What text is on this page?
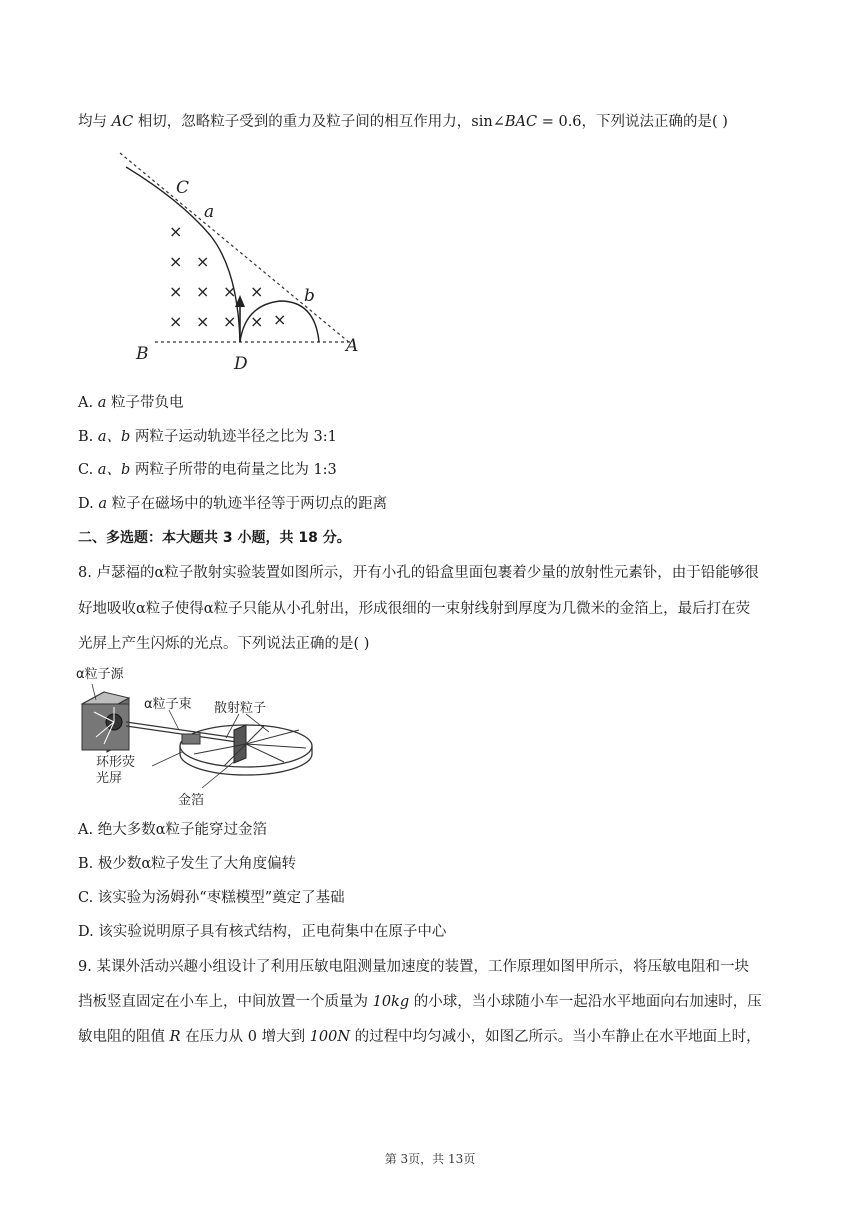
均与 AC 相切，忽略粒子受到的重力及粒子间的相互作用力，sin∠BAC = 0.6，下列说法正确的是( )
×
× ×
× × × ×
× × × × ×
C
a
b
B	D
A
A. a 粒子带负电
B. a、b 两粒子运动轨迹半径之比为 3:1
C. a、b 两粒子所带的电荷量之比为 1:3
D. a 粒子在磁场中的轨迹半径等于两切点的距离
二、多选题：本大题共 3 小题，共 18 分。
8. 卢瑟福的α粒子散射实验装置如图所示，开有小孔的铅盒里面包裹着少量的放射性元素钋，由于铅能够很
好地吸收α粒子使得α粒子只能从小孔射出，形成很细的一束射线射到厚度为几微米的金箔上，最后打在荧
光屏上产生闪烁的光点。下列说法正确的是( )
α粒子源
α粒子束 散射粒子
环形荧
光屏
金箔
A. 绝大多数α粒子能穿过金箔
B. 极少数α粒子发生了大角度偏转
C. 该实验为汤姆孙“枣糕模型”奠定了基础
D. 该实验说明原子具有核式结构，正电荷集中在原子中心
9. 某课外活动兴趣小组设计了利用压敏电阻测量加速度的装置，工作原理如图甲所示，将压敏电阻和一块
挡板竖直固定在小车上，中间放置一个质量为 10kg 的小球，当小球随小车一起沿水平地面向右加速时，压
敏电阻的阻值 R 在压力从 0 增大到 100N 的过程中均匀减小，如图乙所示。当小车静止在水平地面上时，
第 3页，共 13页
